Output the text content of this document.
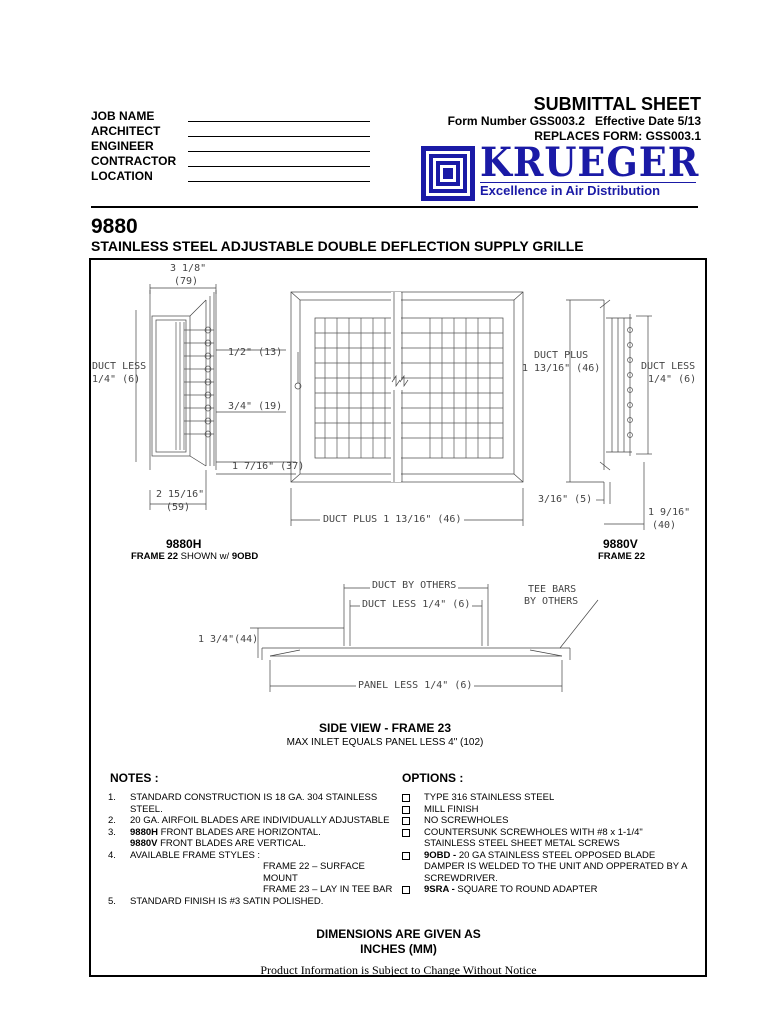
JOB NAME
ARCHITECT
ENGINEER
CONTRACTOR
LOCATION
SUBMITTAL SHEET
Form Number GSS003.2   Effective Date 5/13
REPLACES FORM: GSS003.1
KRUEGER
Excellence in Air Distribution
9880
STAINLESS STEEL ADJUSTABLE DOUBLE DEFLECTION SUPPLY GRILLE
3 1/8"
(79)
DUCT LESS
1/4" (6)
1/2" (13)
3/4" (19)
1 7/16" (37)
2 15/16"
(59)
DUCT PLUS
1 13/16" (46)	DUCT LESS
1/4" (6)
3/16" (5)
1 9/16"
(40)
DUCT PLUS 1 13/16" (46)
9880H
FRAME 22 SHOWN w/ 9OBD
9880V
FRAME 22
DUCT BY OTHERS
DUCT LESS 1/4" (6)
TEE BARS
BY OTHERS
1 3/4"(44)
PANEL LESS 1/4" (6)
SIDE VIEW - FRAME 23
MAX INLET EQUALS PANEL LESS 4" (102)
NOTES :
1.	STANDARD CONSTRUCTION IS 18 GA. 304 STAINLESS STEEL.
2.	20 GA. AIRFOIL BLADES ARE INDIVIDUALLY ADJUSTABLE
3.	9880H FRONT BLADES ARE HORIZONTAL.
9880V FRONT BLADES ARE VERTICAL.
4.	AVAILABLE FRAME STYLES :
FRAME 22 – SURFACE MOUNT
FRAME 23 – LAY IN TEE BAR
5.	STANDARD FINISH IS #3 SATIN POLISHED.
OPTIONS :
TYPE 316 STAINLESS STEEL
MILL FINISH
NO SCREWHOLES
COUNTERSUNK SCREWHOLES WITH #8 x 1-1/4" STAINLESS STEEL SHEET METAL SCREWS
9OBD - 20 GA STAINLESS STEEL OPPOSED BLADE DAMPER IS WELDED TO THE UNIT AND OPPERATED BY A SCREWDRIVER.
9SRA - SQUARE TO ROUND ADAPTER
DIMENSIONS ARE GIVEN AS
INCHES (MM)
Product Information is Subject to Change Without Notice
